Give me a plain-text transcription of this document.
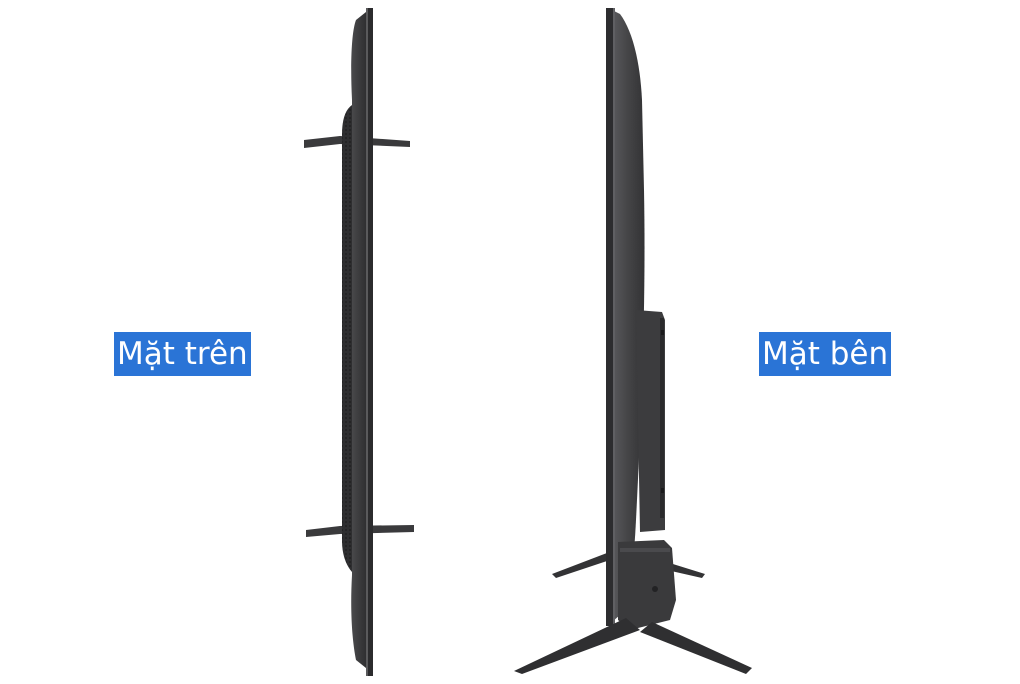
Mặt trên	Mặt bên
